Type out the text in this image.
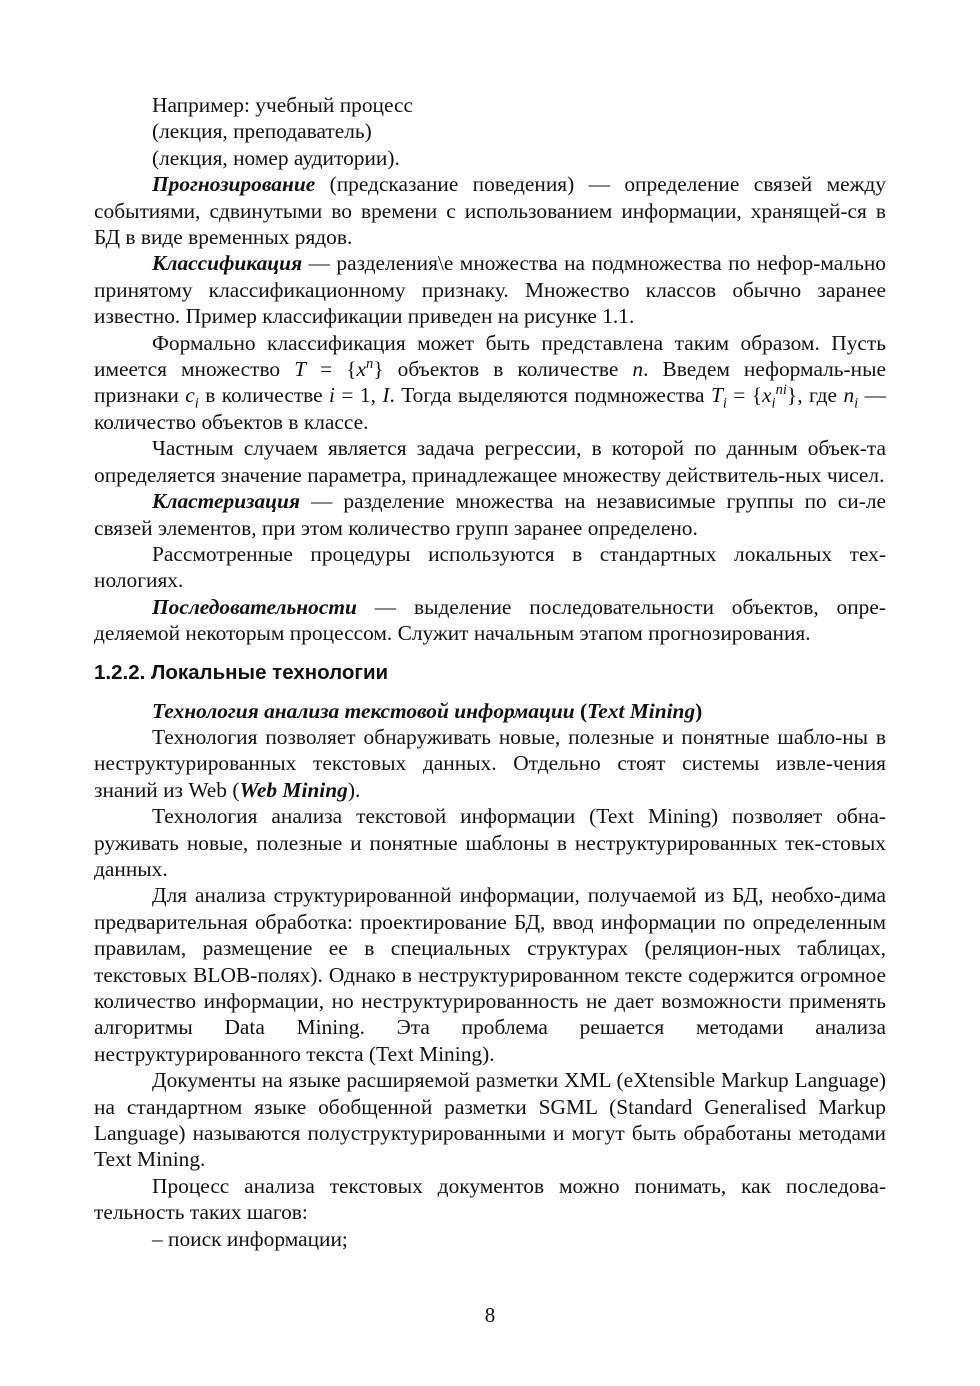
Например: учебный процесс

(лекция, преподаватель)

(лекция, номер аудитории).

Прогнозирование (предсказание поведения) — определение связей между событиями, сдвинутыми во времени с использованием информации, хранящей-ся в БД в виде временных рядов.

Классификация — разделения\е множества на подмножества по нефор-мально принятому классификационному признаку. Множество классов обычно заранее известно. Пример классификации приведен на рисунке 1.1.

Формально классификация может быть представлена таким образом. Пусть имеется множество $T = \{x^n\}$ объектов в количестве n. Введем неформаль-ные признаки $c_i$ в количестве i = 1, I. Тогда выделяются подмножества $T_i = \{x_i^{ni}\}$, где $n_i$ — количество объектов в классе.

Частным случаем является задача регрессии, в которой по данным объек-та определяется значение параметра, принадлежащее множеству действитель-ных чисел.

Кластеризация — разделение множества на независимые группы по си-ле связей элементов, при этом количество групп заранее определено.

Рассмотренные процедуры используются в стандартных локальных тех-нологиях.

Последовательности — выделение последовательности объектов, опре-деляемой некоторым процессом. Служит начальным этапом прогнозирования.

1.2.2. Локальные технологии

Технология анализа текстовой информации (Text Mining)

Технология позволяет обнаруживать новые, полезные и понятные шабло-ны в неструктурированных текстовых данных. Отдельно стоят системы извле-чения знаний из Web (Web Mining).

Технология анализа текстовой информации (Text Mining) позволяет обна-руживать новые, полезные и понятные шаблоны в неструктурированных тек-стовых данных.

Для анализа структурированной информации, получаемой из БД, необхо-дима предварительная обработка: проектирование БД, ввод информации по определенным правилам, размещение ее в специальных структурах (реляцион-ных таблицах, текстовых BLOB-полях). Однако в неструктурированном тексте содержится огромное количество информации, но неструктурированность не дает возможности применять алгоритмы Data Mining. Эта проблема решается методами анализа неструктурированного текста (Text Mining).

Документы на языке расширяемой разметки XML (eXtensible Markup Language) на стандартном языке обобщенной разметки SGML (Standard Generalised Markup Language) называются полуструктурированными и могут быть обработаны методами Text Mining.

Процесс анализа текстовых документов можно понимать, как последова-тельность таких шагов:

– поиск информации;

8
